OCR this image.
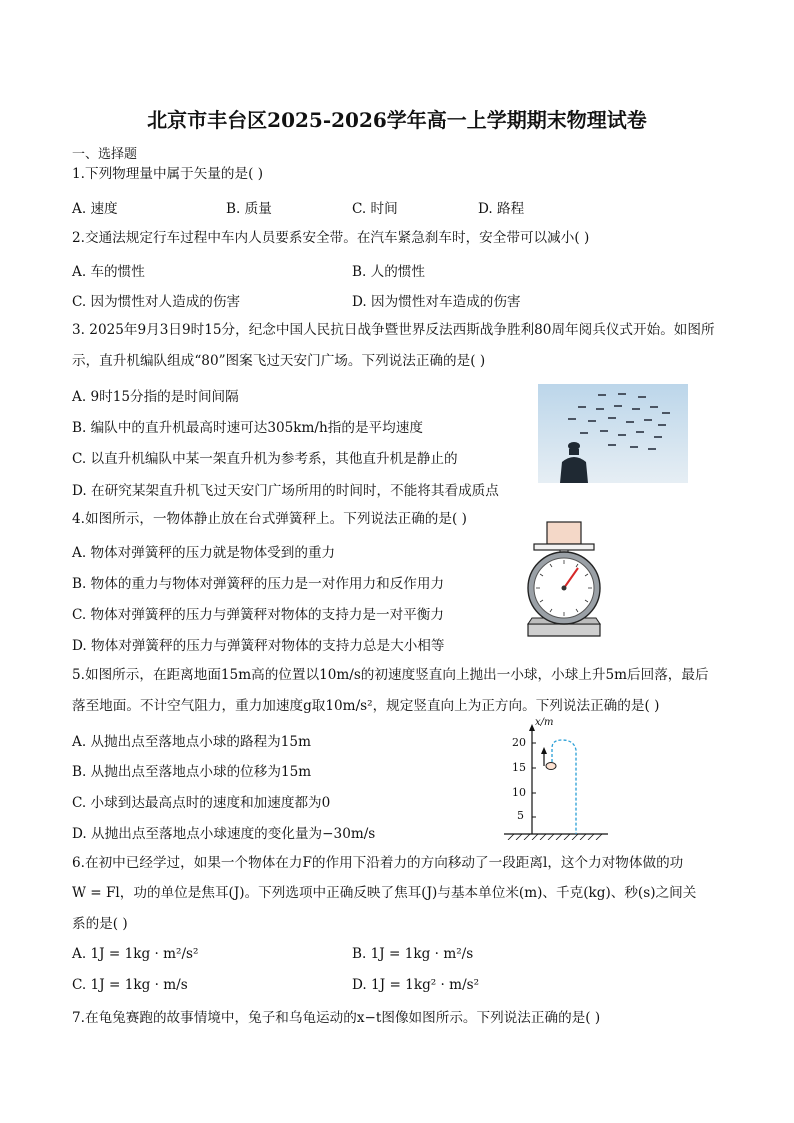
北京市丰台区2025-2026学年高一上学期期末物理试卷
一、选择题
1.下列物理量中属于矢量的是( )
A. 速度	B. 质量	C. 时间	D. 路程
2.交通法规定行车过程中车内人员要系安全带。在汽车紧急刹车时，安全带可以减小( )
A. 车的惯性	B. 人的惯性
C. 因为惯性对人造成的伤害	D. 因为惯性对车造成的伤害
3. 2025年9月3日9时15分，纪念中国人民抗日战争暨世界反法西斯战争胜利80周年阅兵仪式开始。如图所
示，直升机编队组成“80”图案飞过天安门广场。下列说法正确的是( )
A. 9时15分指的是时间间隔
B. 编队中的直升机最高时速可达305km/h指的是平均速度
C. 以直升机编队中某一架直升机为参考系，其他直升机是静止的
D. 在研究某架直升机飞过天安门广场所用的时间时，不能将其看成质点
4.如图所示，一物体静止放在台式弹簧秤上。下列说法正确的是( )
A. 物体对弹簧秤的压力就是物体受到的重力
B. 物体的重力与物体对弹簧秤的压力是一对作用力和反作用力
C. 物体对弹簧秤的压力与弹簧秤对物体的支持力是一对平衡力
D. 物体对弹簧秤的压力与弹簧秤对物体的支持力总是大小相等
5.如图所示，在距离地面15m高的位置以10m/s的初速度竖直向上抛出一小球，小球上升5m后回落，最后
落至地面。不计空气阻力，重力加速度g取10m/s²，规定竖直向上为正方向。下列说法正确的是( )
A. 从抛出点至落地点小球的路程为15m
B. 从抛出点至落地点小球的位移为15m
C. 小球到达最高点时的速度和加速度都为0
D. 从抛出点至落地点小球速度的变化量为−30m/s
x/m
20
15
10
5
6.在初中已经学过，如果一个物体在力F的作用下沿着力的方向移动了一段距离l，这个力对物体做的功
W = Fl，功的单位是焦耳(J)。下列选项中正确反映了焦耳(J)与基本单位米(m)、千克(kg)、秒(s)之间关
系的是( )
A. 1J = 1kg · m²/s²	B. 1J = 1kg · m²/s
C. 1J = 1kg · m/s	D. 1J = 1kg² · m/s²
7.在龟兔赛跑的故事情境中，兔子和乌龟运动的x−t图像如图所示。下列说法正确的是( )
